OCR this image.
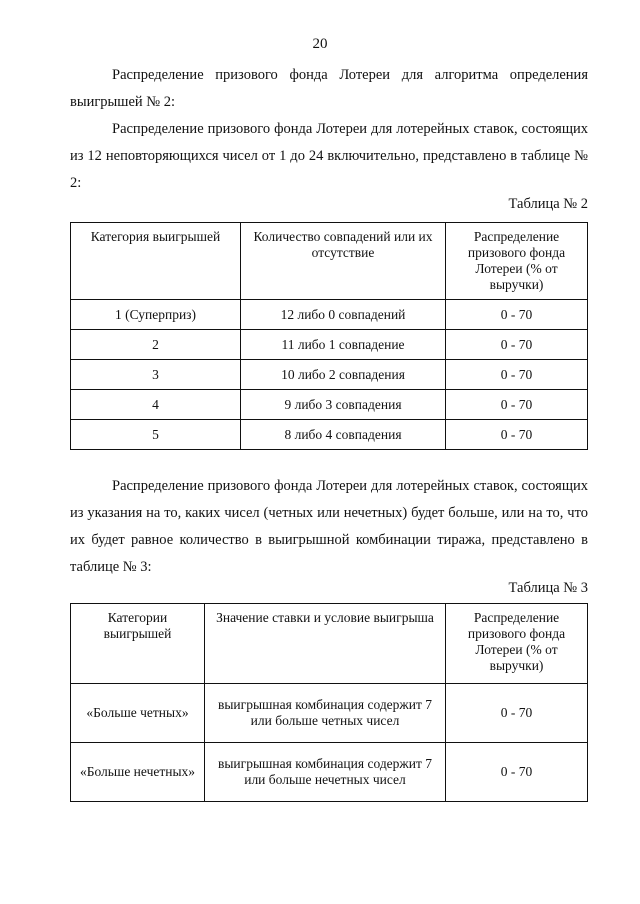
20

Распределение призового фонда Лотереи для алгоритма определения выигрышей № 2:

Распределение призового фонда Лотереи для лотерейных ставок, состоящих из 12 неповторяющихся чисел от 1 до 24 включительно, представлено в таблице № 2:

Таблица № 2
Категория выигрышей	Количество совпадений или их отсутствие	Распределение призового фонда Лотереи (% от выручки)
1 (Суперприз)	12 либо 0 совпадений	0 - 70
2	11 либо 1 совпадение	0 - 70
3	10 либо 2 совпадения	0 - 70
4	9 либо 3 совпадения	0 - 70
5	8 либо 4 совпадения	0 - 70

Распределение призового фонда Лотереи для лотерейных ставок, состоящих из указания на то, каких чисел (четных или нечетных) будет больше, или на то, что их будет равное количество в выигрышной комбинации тиража, представлено в таблице № 3:

Таблица № 3
Категории выигрышей	Значение ставки и условие выигрыша	Распределение призового фонда Лотереи (% от выручки)
«Больше четных»	выигрышная комбинация содержит 7 или больше четных чисел	0 - 70
«Больше нечетных»	выигрышная комбинация содержит 7 или больше нечетных чисел	0 - 70
